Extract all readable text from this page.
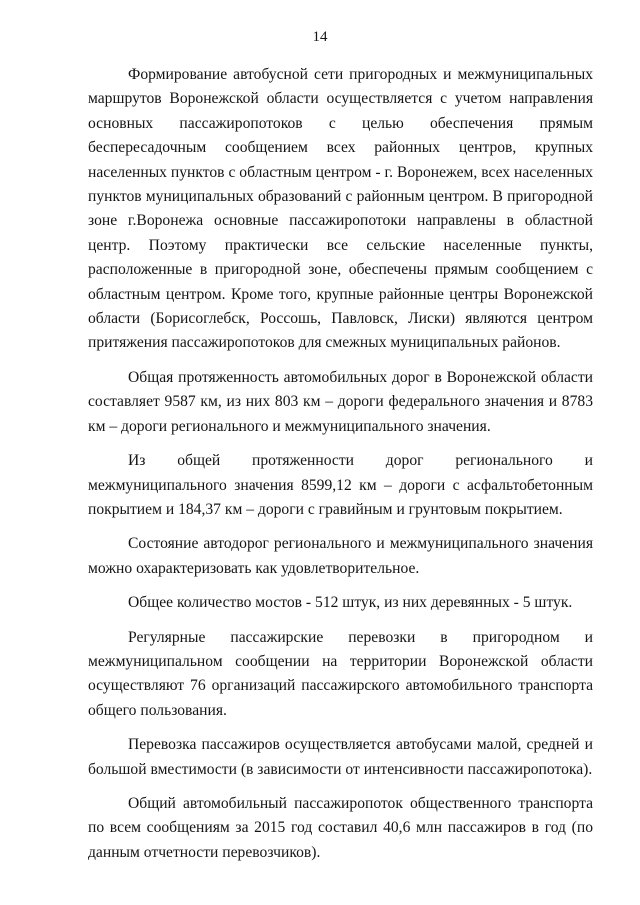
14

Формирование автобусной сети пригородных и межмуниципальных маршрутов Воронежской области осуществляется с учетом направления основных пассажиропотоков с целью обеспечения прямым беспересадочным сообщением всех районных центров, крупных населенных пунктов с областным центром - г. Воронежем, всех населенных пунктов муниципальных образований с районным центром. В пригородной зоне г.Воронежа основные пассажиропотоки направлены в областной центр. Поэтому практически все сельские населенные пункты, расположенные в пригородной зоне, обеспечены прямым сообщением с областным центром. Кроме того, крупные районные центры Воронежской области (Борисоглебск, Россошь, Павловск, Лиски) являются центром притяжения пассажиропотоков для смежных муниципальных районов.

Общая протяженность автомобильных дорог в Воронежской области составляет 9587 км, из них 803 км – дороги федерального значения и 8783 км – дороги регионального и межмуниципального значения.

Из общей протяженности дорог регионального и межмуниципального значения 8599,12 км – дороги с асфальтобетонным покрытием и 184,37 км – дороги с гравийным и грунтовым покрытием.

Состояние автодорог регионального и межмуниципального значения можно охарактеризовать как удовлетворительное.

Общее количество мостов - 512 штук, из них деревянных - 5 штук.

Регулярные пассажирские перевозки в пригородном и межмуниципальном сообщении на территории Воронежской области осуществляют 76 организаций пассажирского автомобильного транспорта общего пользования.

Перевозка пассажиров осуществляется автобусами малой, средней и большой вместимости (в зависимости от интенсивности пассажиропотока).

Общий автомобильный пассажиропоток общественного транспорта по всем сообщениям за 2015 год составил 40,6 млн пассажиров в год (по данным отчетности перевозчиков).
